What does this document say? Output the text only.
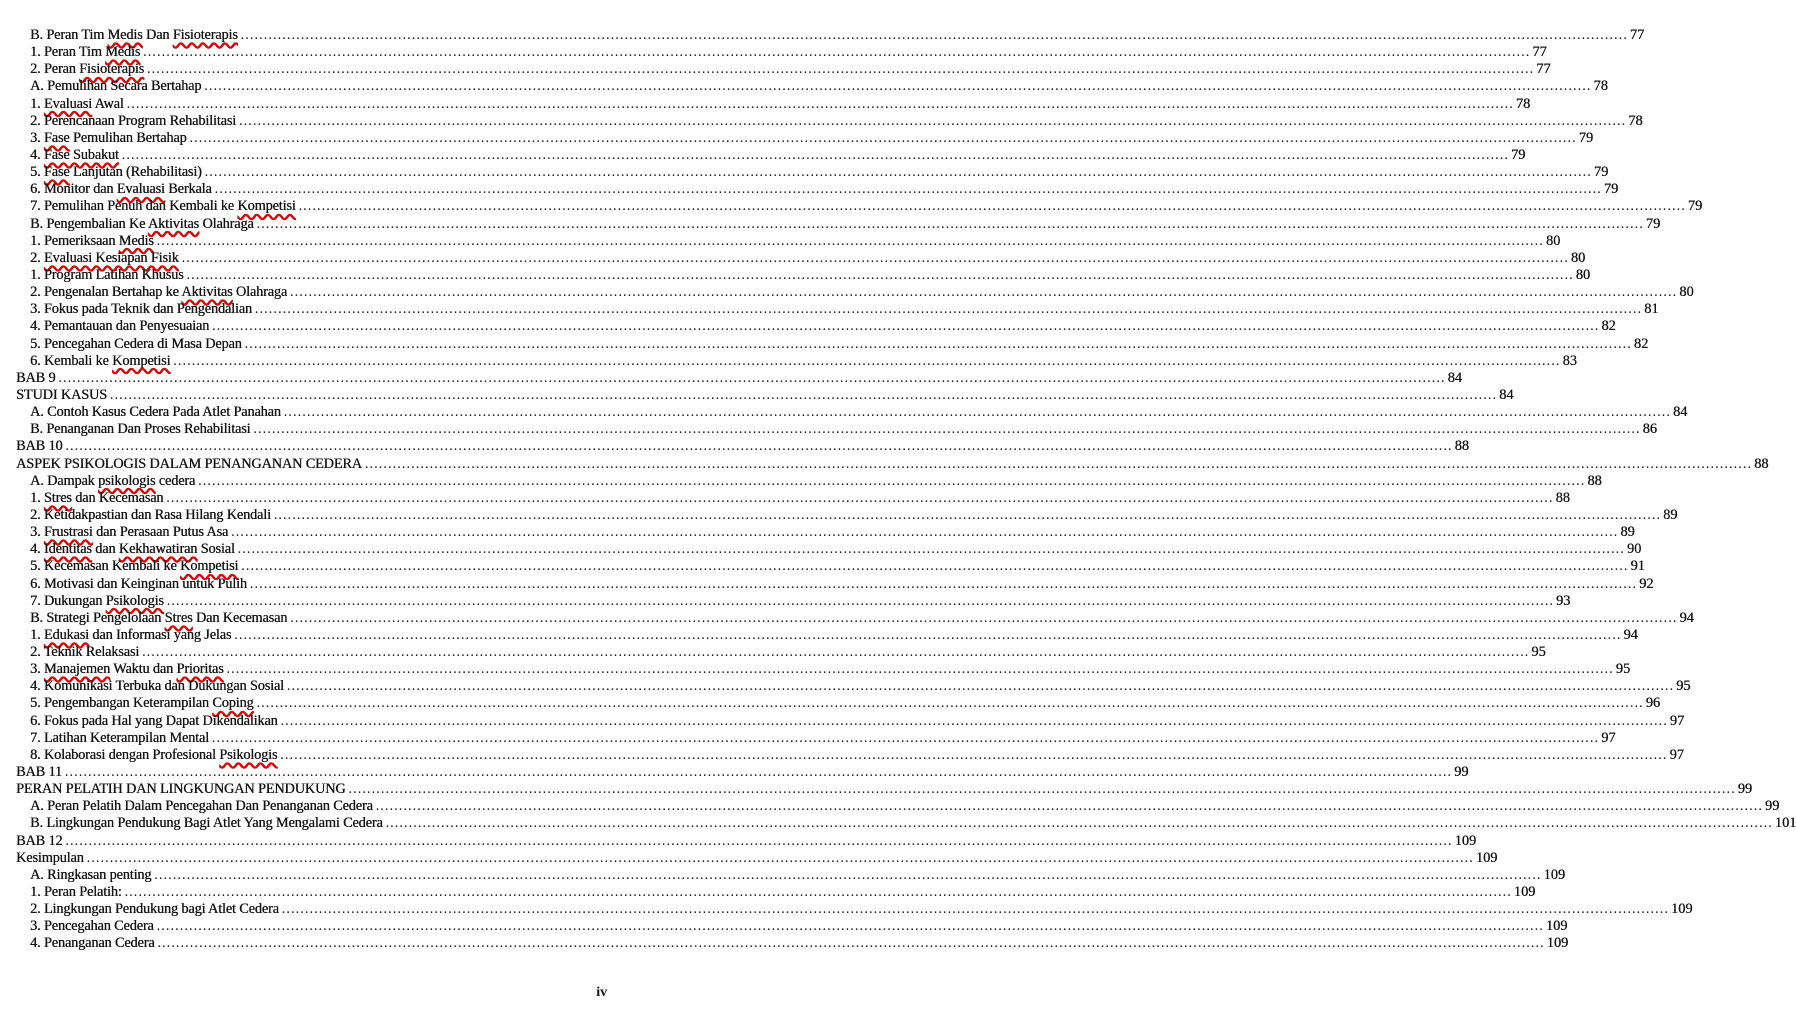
B. Peran Tim Medis Dan Fisioterapis ............................................................................................................................................................................................................................................................................................................ 77
1. Peran Tim Medis ............................................................................................................................................................................................................................................................................................................ 77
2. Peran Fisioterapis ............................................................................................................................................................................................................................................................................................................ 77
A. Pemulihan Secara Bertahap ............................................................................................................................................................................................................................................................................................................ 78
1. Evaluasi Awal ............................................................................................................................................................................................................................................................................................................ 78
2. Perencanaan Program Rehabilitasi ............................................................................................................................................................................................................................................................................................................ 78
3. Fase Pemulihan Bertahap ............................................................................................................................................................................................................................................................................................................ 79
4. Fase Subakut ............................................................................................................................................................................................................................................................................................................ 79
5. Fase Lanjutan (Rehabilitasi) ............................................................................................................................................................................................................................................................................................................ 79
6. Monitor dan Evaluasi Berkala ............................................................................................................................................................................................................................................................................................................ 79
7. Pemulihan Penuh dan Kembali ke Kompetisi ............................................................................................................................................................................................................................................................................................................ 79
B. Pengembalian Ke Aktivitas Olahraga ............................................................................................................................................................................................................................................................................................................ 79
1. Pemeriksaan Medis ............................................................................................................................................................................................................................................................................................................ 80
2. Evaluasi Kesiapan Fisik ............................................................................................................................................................................................................................................................................................................ 80
1. Program Latihan Khusus ............................................................................................................................................................................................................................................................................................................ 80
2. Pengenalan Bertahap ke Aktivitas Olahraga ............................................................................................................................................................................................................................................................................................................ 80
3. Fokus pada Teknik dan Pengendalian ............................................................................................................................................................................................................................................................................................................ 81
4. Pemantauan dan Penyesuaian ............................................................................................................................................................................................................................................................................................................ 82
5. Pencegahan Cedera di Masa Depan ............................................................................................................................................................................................................................................................................................................ 82
6. Kembali ke Kompetisi ............................................................................................................................................................................................................................................................................................................ 83
BAB 9 ............................................................................................................................................................................................................................................................................................................ 84
STUDI KASUS ............................................................................................................................................................................................................................................................................................................ 84
A. Contoh Kasus Cedera Pada Atlet Panahan ............................................................................................................................................................................................................................................................................................................ 84
B. Penanganan Dan Proses Rehabilitasi ............................................................................................................................................................................................................................................................................................................ 86
BAB 10 ............................................................................................................................................................................................................................................................................................................ 88
ASPEK PSIKOLOGIS DALAM PENANGANAN CEDERA ............................................................................................................................................................................................................................................................................................................ 88
A. Dampak psikologis cedera ............................................................................................................................................................................................................................................................................................................ 88
1. Stres dan Kecemasan ............................................................................................................................................................................................................................................................................................................ 88
2. Ketidakpastian dan Rasa Hilang Kendali ............................................................................................................................................................................................................................................................................................................ 89
3. Frustrasi dan Perasaan Putus Asa ............................................................................................................................................................................................................................................................................................................ 89
4. Identitas dan Kekhawatiran Sosial ............................................................................................................................................................................................................................................................................................................ 90
5. Kecemasan Kembali ke Kompetisi ............................................................................................................................................................................................................................................................................................................ 91
6. Motivasi dan Keinginan untuk Pulih ............................................................................................................................................................................................................................................................................................................ 92
7. Dukungan Psikologis ............................................................................................................................................................................................................................................................................................................ 93
B. Strategi Pengelolaan Stres Dan Kecemasan ............................................................................................................................................................................................................................................................................................................ 94
1. Edukasi dan Informasi yang Jelas ............................................................................................................................................................................................................................................................................................................ 94
2. Teknik Relaksasi ............................................................................................................................................................................................................................................................................................................ 95
3. Manajemen Waktu dan Prioritas ............................................................................................................................................................................................................................................................................................................ 95
4. Komunikasi Terbuka dan Dukungan Sosial ............................................................................................................................................................................................................................................................................................................ 95
5. Pengembangan Keterampilan Coping ............................................................................................................................................................................................................................................................................................................ 96
6. Fokus pada Hal yang Dapat Dikendalikan ............................................................................................................................................................................................................................................................................................................ 97
7. Latihan Keterampilan Mental ............................................................................................................................................................................................................................................................................................................ 97
8. Kolaborasi dengan Profesional Psikologis ............................................................................................................................................................................................................................................................................................................ 97
BAB 11 ............................................................................................................................................................................................................................................................................................................ 99
PERAN PELATIH DAN LINGKUNGAN PENDUKUNG ............................................................................................................................................................................................................................................................................................................ 99
A. Peran Pelatih Dalam Pencegahan Dan Penanganan Cedera ............................................................................................................................................................................................................................................................................................................ 99
B. Lingkungan Pendukung Bagi Atlet Yang Mengalami Cedera ............................................................................................................................................................................................................................................................................................................ 101
BAB 12 ............................................................................................................................................................................................................................................................................................................ 109
Kesimpulan ............................................................................................................................................................................................................................................................................................................ 109
A. Ringkasan penting ............................................................................................................................................................................................................................................................................................................ 109
1. Peran Pelatih: ............................................................................................................................................................................................................................................................................................................ 109
2. Lingkungan Pendukung bagi Atlet Cedera ............................................................................................................................................................................................................................................................................................................ 109
3. Pencegahan Cedera ............................................................................................................................................................................................................................................................................................................ 109
4. Penanganan Cedera ............................................................................................................................................................................................................................................................................................................ 109
iv
